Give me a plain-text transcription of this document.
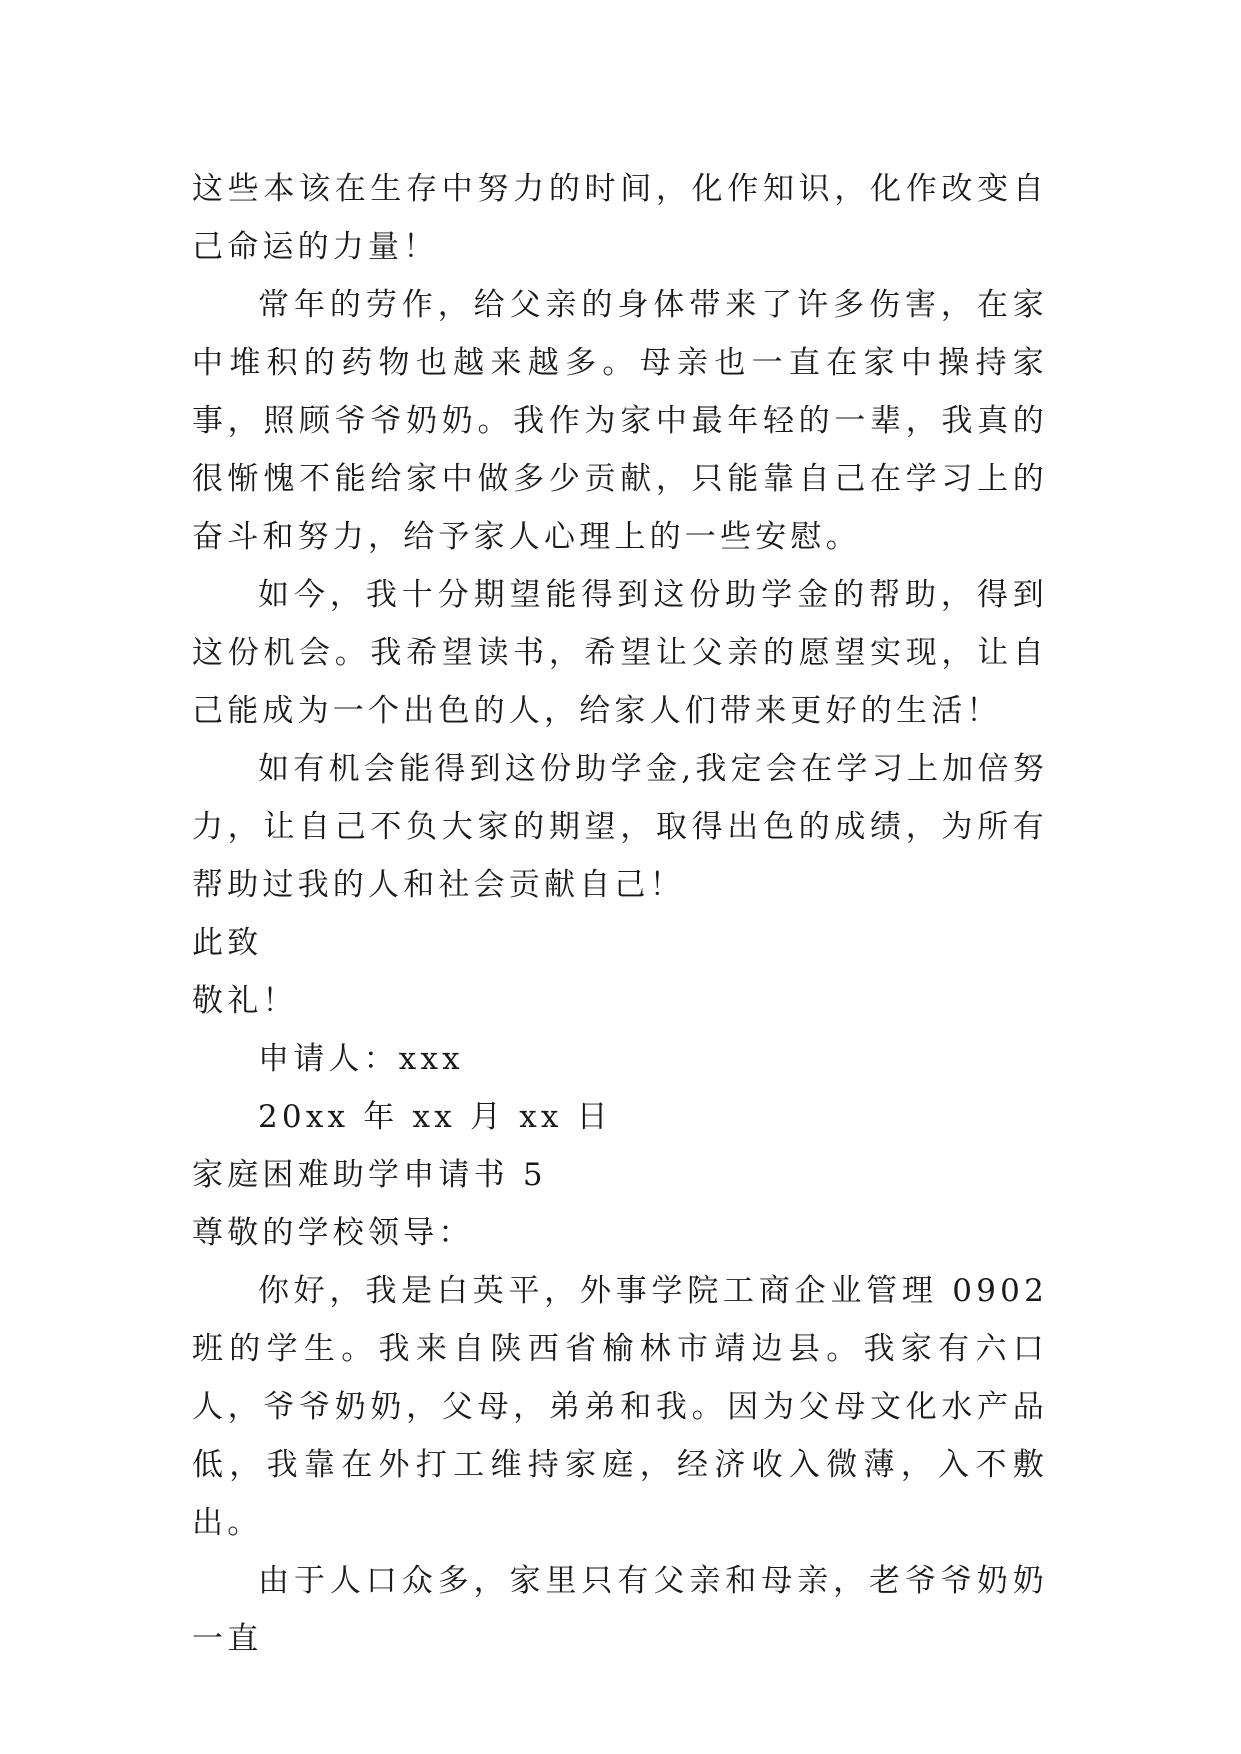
这些本该在生存中努力的时间，化作知识，化作改变自己命运的力量！

常年的劳作，给父亲的身体带来了许多伤害，在家中堆积的药物也越来越多。母亲也一直在家中操持家事，照顾爷爷奶奶。我作为家中最年轻的一辈，我真的很惭愧不能给家中做多少贡献，只能靠自己在学习上的奋斗和努力，给予家人心理上的一些安慰。

如今，我十分期望能得到这份助学金的帮助，得到这份机会。我希望读书，希望让父亲的愿望实现，让自己能成为一个出色的人，给家人们带来更好的生活！

如有机会能得到这份助学金,我定会在学习上加倍努力，让自己不负大家的期望，取得出色的成绩，为所有帮助过我的人和社会贡献自己！

此致

敬礼！

申请人：xxx

20xx 年 xx 月 xx 日

家庭困难助学申请书 5

尊敬的学校领导：

你好，我是白英平，外事学院工商企业管理 0902 班的学生。我来自陕西省榆林市靖边县。我家有六口人，爷爷奶奶，父母，弟弟和我。因为父母文化水产品低，我靠在外打工维持家庭，经济收入微薄，入不敷出。

由于人口众多，家里只有父亲和母亲，老爷爷奶奶一直
